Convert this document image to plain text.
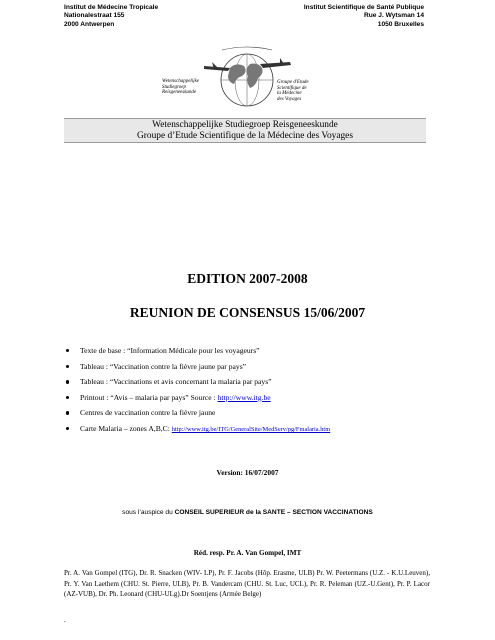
Institut de Médecine Tropicale
Nationalestraat 155
2000 Antwerpen
Institut Scientifique de Santé Publique
Rue J. Wytsman 14
1050 Bruxelles
Wetenschappelijke
Studiegroep
Reisgeneeskunde
Groupe d'Etude
Scientifique de
la Médecine
des Voyages
Wetenschappelijke Studiegroep Reisgeneeskunde
Groupe d’Etude Scientifique de la Médecine des Voyages
EDITION 2007-2008
REUNION DE CONSENSUS 15/06/2007
Texte de base : “Information Médicale pour les voyageurs”
Tableau : “Vaccination contre la fièvre jaune par pays”
Tableau : “Vaccinations et avis concernant la malaria par pays”
Printout : “Avis – malaria par pays” Source : http://www.itg.be
Centres de vaccination contre la fièvre jaune
Carte Malaria – zones A,B,C: http://www.itg.be/ITG/GeneralSite/MedServ/pg/Fmalaria.htm
Version: 16/07/2007
sous l’auspice du CONSEIL SUPERIEUR de la SANTE – SECTION VACCINATIONS
Réd. resp. Pr. A. Van Gompel, IMT
Pr. A. Van Gompel (ITG), Dr. R. Snacken (WIV- LP), Pr. F. Jacobs (Hôp. Erasme, ULB) Pr. W. Peetermans (U.Z. - K.U.Leuven), Pr. Y. Van Laethem (CHU. St. Pierre, ULB), Pr. B. Vandercam (CHU. St. Luc, UCL), Pr. R. Peleman (UZ.-U.Gent), Pr. P. Lacor (AZ-VUB), Dr. Ph. Leonard (CHU-ULg).Dr Soentjens (Armée Belge)
.
